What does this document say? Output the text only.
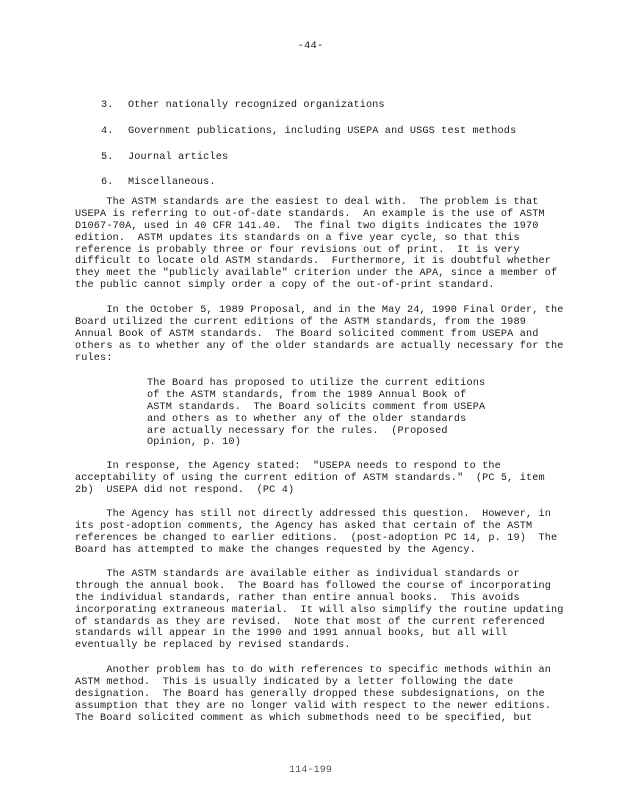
-44-
3.	Other nationally recognized organizations
4.	Government publications, including USEPA and USGS test methods
5.	Journal articles
6.	Miscellaneous.
The ASTM standards are the easiest to deal with.  The problem is that
USEPA is referring to out-of-date standards.  An example is the use of ASTM
D1067-70A, used in 40 CFR 141.40.  The final two digits indicates the 1970
edition.  ASTM updates its standards on a five year cycle, so that this
reference is probably three or four revisions out of print.  It is very
difficult to locate old ASTM standards.  Furthermore, it is doubtful whether
they meet the "publicly available" criterion under the APA, since a member of
the public cannot simply order a copy of the out-of-print standard.
In the October 5, 1989 Proposal, and in the May 24, 1990 Final Order, the
Board utilized the current editions of the ASTM standards, from the 1989
Annual Book of ASTM standards.  The Board solicited comment from USEPA and
others as to whether any of the older standards are actually necessary for the
rules:
The Board has proposed to utilize the current editions
of the ASTM standards, from the 1989 Annual Book of
ASTM standards.  The Board solicits comment from USEPA
and others as to whether any of the older standards
are actually necessary for the rules.  (Proposed
Opinion, p. 10)
In response, the Agency stated:  "USEPA needs to respond to the
acceptability of using the current edition of ASTM standards."  (PC 5, item
2b)  USEPA did not respond.  (PC 4)
The Agency has still not directly addressed this question.  However, in
its post-adoption comments, the Agency has asked that certain of the ASTM
references be changed to earlier editions.  (post-adoption PC 14, p. 19)  The
Board has attempted to make the changes requested by the Agency.
The ASTM standards are available either as individual standards or
through the annual book.  The Board has followed the course of incorporating
the individual standards, rather than entire annual books.  This avoids
incorporating extraneous material.  It will also simplify the routine updating
of standards as they are revised.  Note that most of the current referenced
standards will appear in the 1990 and 1991 annual books, but all will
eventually be replaced by revised standards.
Another problem has to do with references to specific methods within an
ASTM method.  This is usually indicated by a letter following the date
designation.  The Board has generally dropped these subdesignations, on the
assumption that they are no longer valid with respect to the newer editions.
The Board solicited comment as which submethods need to be specified, but
114-199
